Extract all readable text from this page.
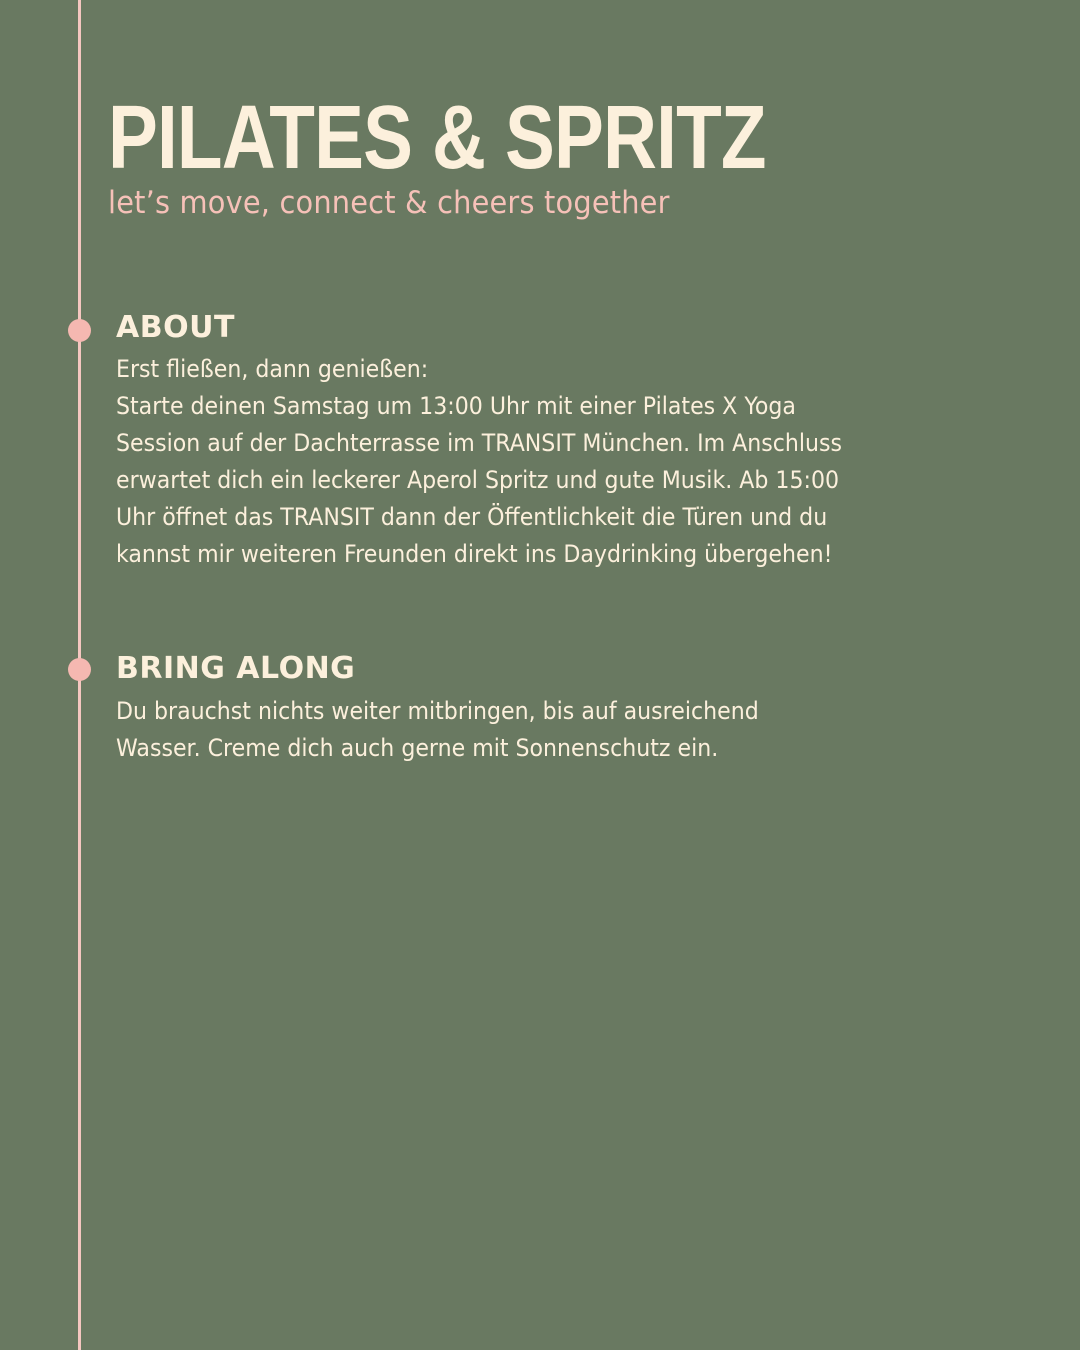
PILATES & SPRITZ

let’s move, connect & cheers together

ABOUT
Erst fließen, dann genießen:
Starte deinen Samstag um 13:00 Uhr mit einer Pilates X Yoga
Session auf der Dachterrasse im TRANSIT München. Im Anschluss
erwartet dich ein leckerer Aperol Spritz und gute Musik. Ab 15:00
Uhr öffnet das TRANSIT dann der Öffentlichkeit die Türen und du
kannst mir weiteren Freunden direkt ins Daydrinking übergehen!
BRING ALONG
Du brauchst nichts weiter mitbringen, bis auf ausreichend
Wasser. Creme dich auch gerne mit Sonnenschutz ein.
